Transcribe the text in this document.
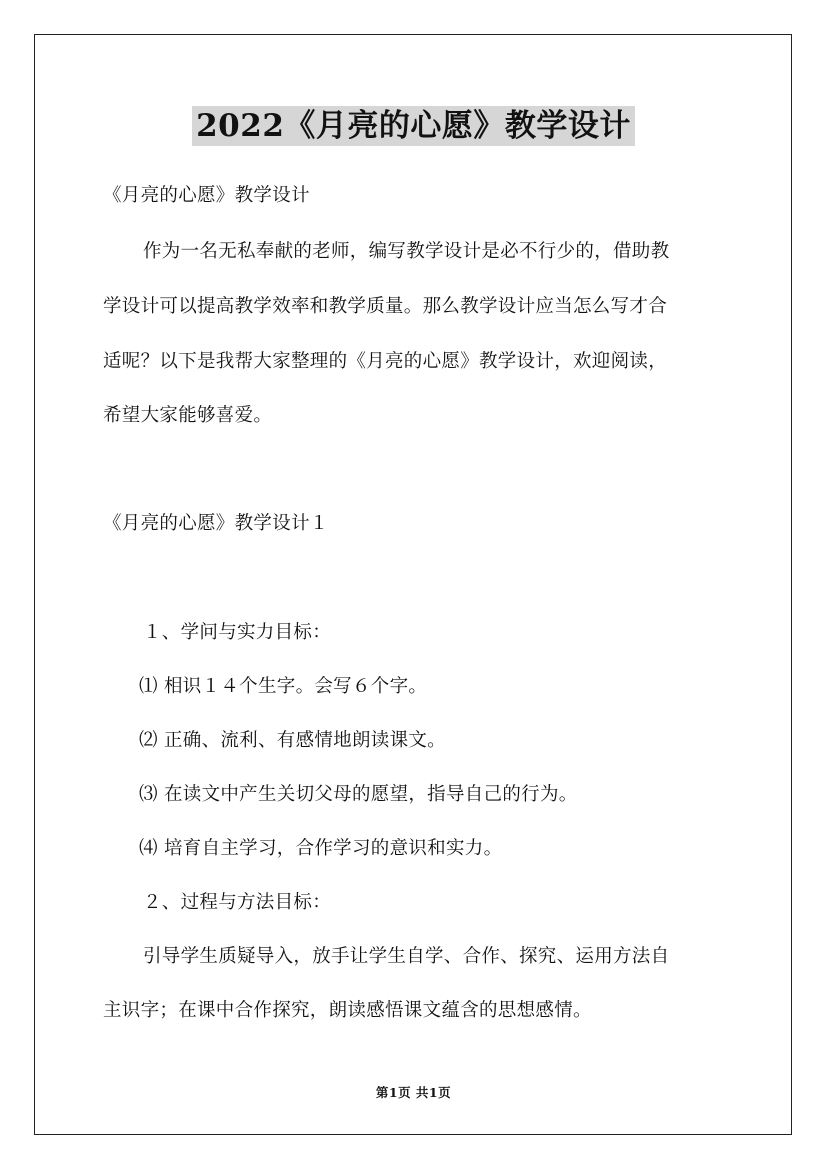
2022《月亮的心愿》教学设计
《月亮的心愿》教学设计
作为一名无私奉献的老师，编写教学设计是必不行少的，借助教
学设计可以提高教学效率和教学质量。那么教学设计应当怎么写才合
适呢？以下是我帮大家整理的《月亮的心愿》教学设计，欢迎阅读，
希望大家能够喜爱。
《月亮的心愿》教学设计１
１、学问与实力目标：
⑴ 相识１４个生字。会写６个字。
⑵ 正确、流利、有感情地朗读课文。
⑶ 在读文中产生关切父母的愿望，指导自己的行为。
⑷ 培育自主学习，合作学习的意识和实力。
２、过程与方法目标：
引导学生质疑导入，放手让学生自学、合作、探究、运用方法自
主识字；在课中合作探究，朗读感悟课文蕴含的思想感情。
第1页 共1页
